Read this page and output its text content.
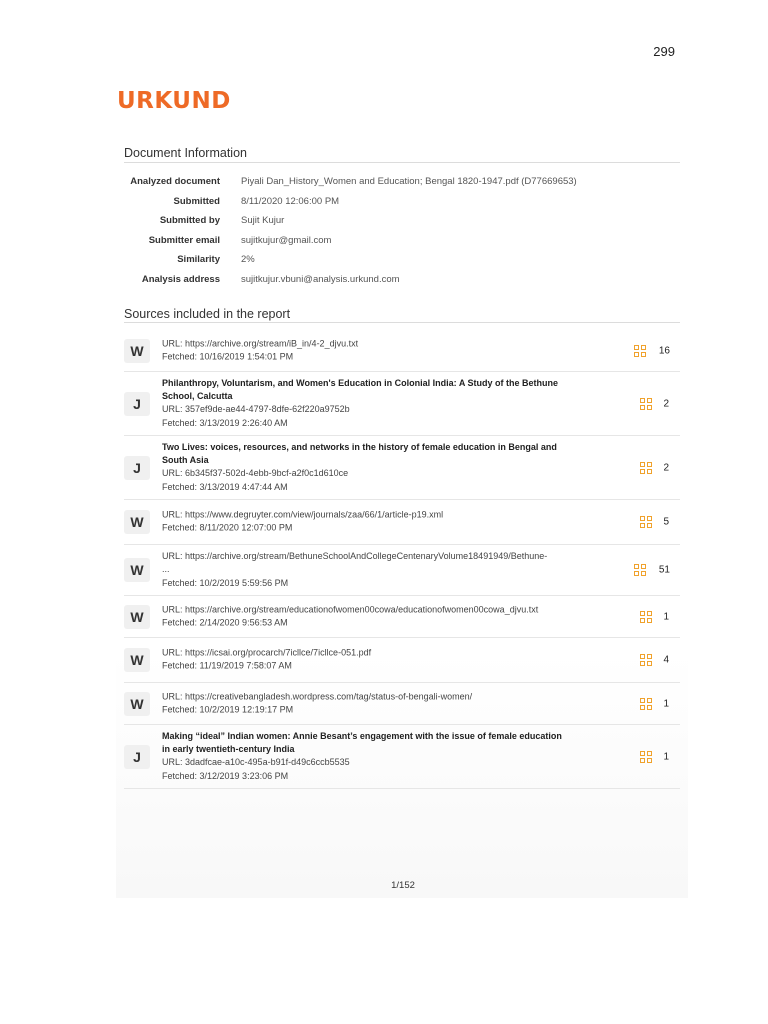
299
URKUND
Document Information
Analyzed document Piyali Dan_History_Women and Education; Bengal 1820-1947.pdf (D77669653)
Submitted 8/11/2020 12:06:00 PM
Submitted by Sujit Kujur
Submitter email sujitkujur@gmail.com
Similarity 2%
Analysis address sujitkujur.vbuni@analysis.urkund.com
Sources included in the report
W	URL: https://archive.org/stream/iB_in/4-2_djvu.txt
Fetched: 10/16/2019 1:54:01 PM
16
J
Philanthropy, Voluntarism, and Women's Education in Colonial India: A Study of the Bethune
School, Calcutta
URL: 357ef9de-ae44-4797-8dfe-62f220a9752b
Fetched: 3/13/2019 2:26:40 AM
2
J
Two Lives: voices, resources, and networks in the history of female education in Bengal and
South Asia
URL: 6b345f37-502d-4ebb-9bcf-a2f0c1d610ce
Fetched: 3/13/2019 4:47:44 AM
2
W	URL: https://www.degruyter.com/view/journals/zaa/66/1/article-p19.xml
Fetched: 8/11/2020 12:07:00 PM
5
W
URL: https://archive.org/stream/BethuneSchoolAndCollegeCentenaryVolume18491949/Bethune-
...
Fetched: 10/2/2019 5:59:56 PM
51
W	URL: https://archive.org/stream/educationofwomen00cowa/educationofwomen00cowa_djvu.txt
Fetched: 2/14/2020 9:56:53 AM
1
W	URL: https://icsai.org/procarch/7icllce/7icllce-051.pdf
Fetched: 11/19/2019 7:58:07 AM
4
W	URL: https://creativebangladesh.wordpress.com/tag/status-of-bengali-women/
Fetched: 10/2/2019 12:19:17 PM
1
J
Making “ideal” Indian women: Annie Besant’s engagement with the issue of female education
in early twentieth-century India
URL: 3dadfcae-a10c-495a-b91f-d49c6ccb5535
Fetched: 3/12/2019 3:23:06 PM
1
1/152
